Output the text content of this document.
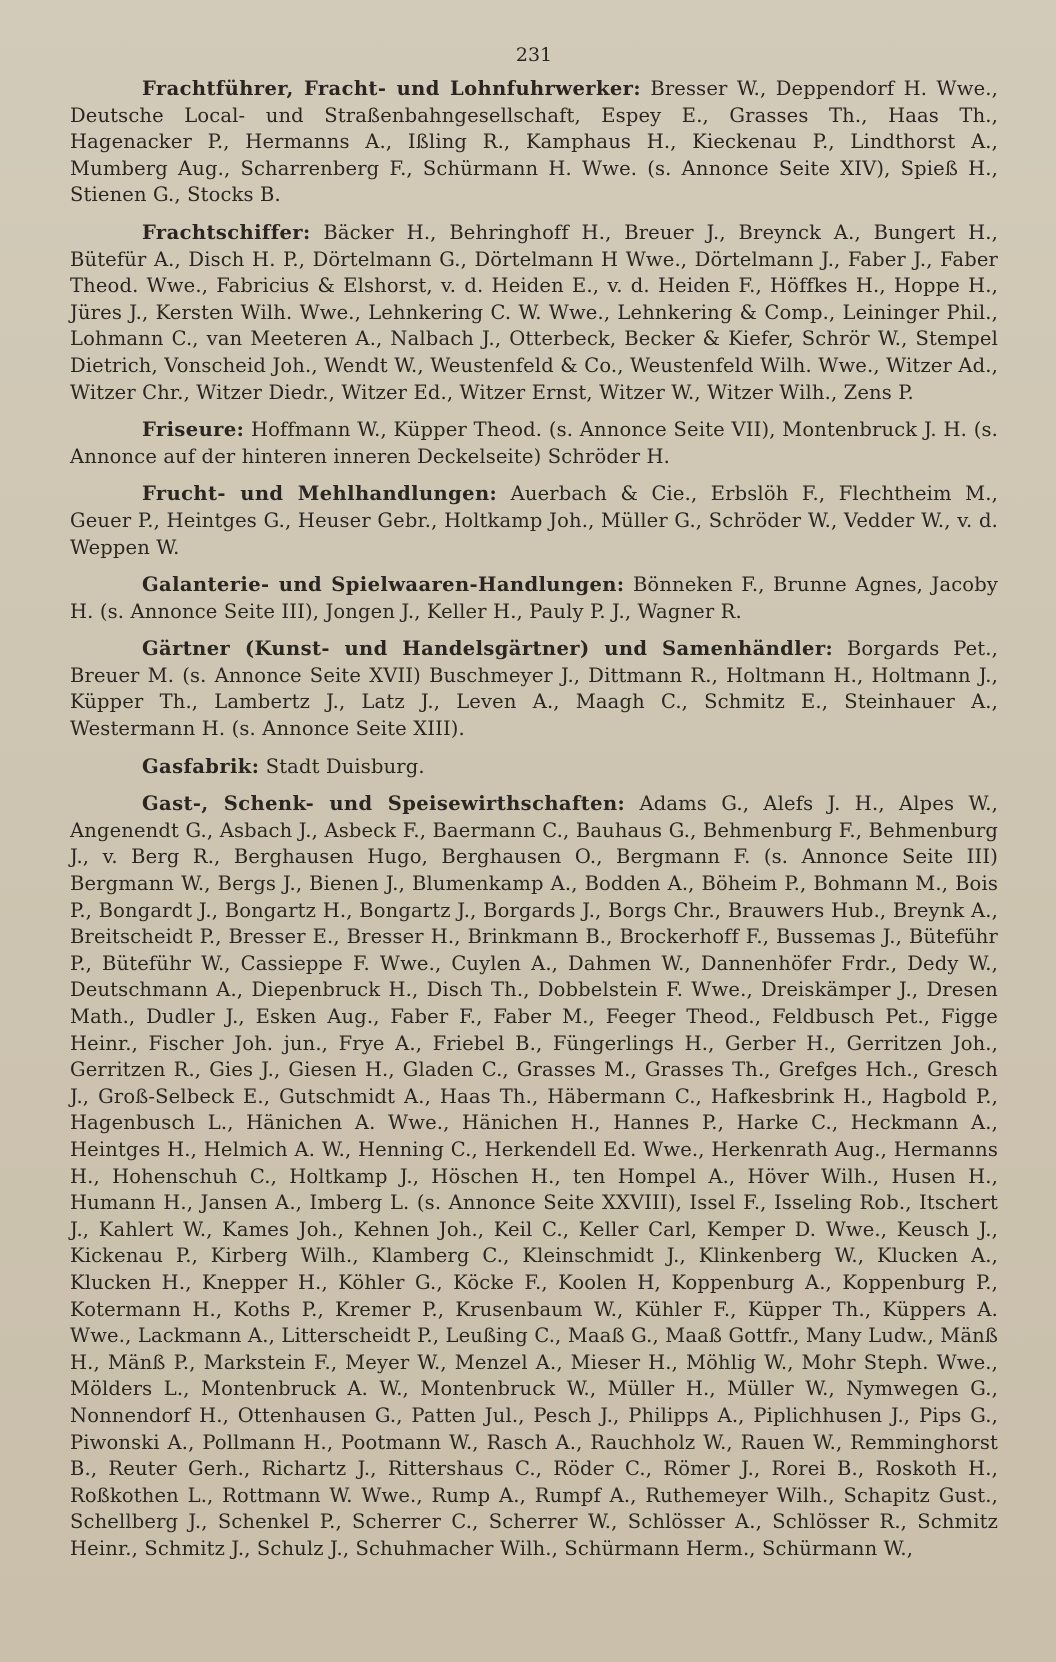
231

Frachtführer, Fracht- und Lohnfuhrwerker: Bresser W., Deppendorf H. Wwe., Deutsche Local- und Straßenbahngesellschaft, Espey E., Grasses Th., Haas Th., Hagenacker P., Hermanns A., Ißling R., Kamphaus H., Kieckenau P., Lindthorst A., Mumberg Aug., Scharrenberg F., Schürmann H. Wwe. (s. Annonce Seite XIV), Spieß H., Stienen G., Stocks B.

Frachtschiffer: Bäcker H., Behringhoff H., Breuer J., Breynck A., Bungert H., Bütefür A., Disch H. P., Dörtelmann G., Dörtelmann H Wwe., Dörtelmann J., Faber J., Faber Theod. Wwe., Fabricius & Elshorst, v. d. Heiden E., v. d. Heiden F., Höffkes H., Hoppe H., Jüres J., Kersten Wilh. Wwe., Lehnkering C. W. Wwe., Lehnkering & Comp., Leininger Phil., Lohmann C., van Meeteren A., Nalbach J., Otterbeck, Becker & Kiefer, Schrör W., Stempel Dietrich, Vonscheid Joh., Wendt W., Weustenfeld & Co., Weustenfeld Wilh. Wwe., Witzer Ad., Witzer Chr., Witzer Diedr., Witzer Ed., Witzer Ernst, Witzer W., Witzer Wilh., Zens P.

Friseure: Hoffmann W., Küpper Theod. (s. Annonce Seite VII), Montenbruck J. H. (s. Annonce auf der hinteren inneren Deckelseite) Schröder H.

Frucht- und Mehlhandlungen: Auerbach & Cie., Erbslöh F., Flechtheim M., Geuer P., Heintges G., Heuser Gebr., Holtkamp Joh., Müller G., Schröder W., Vedder W., v. d. Weppen W.

Galanterie- und Spielwaaren-Handlungen: Bönneken F., Brunne Agnes, Jacoby H. (s. Annonce Seite III), Jongen J., Keller H., Pauly P. J., Wagner R.

Gärtner (Kunst- und Handelsgärtner) und Samenhändler: Borgards Pet., Breuer M. (s. Annonce Seite XVII) Buschmeyer J., Dittmann R., Holtmann H., Holtmann J., Küpper Th., Lambertz J., Latz J., Leven A., Maagh C., Schmitz E., Steinhauer A., Westermann H. (s. Annonce Seite XIII).

Gasfabrik: Stadt Duisburg.

Gast-, Schenk- und Speisewirthschaften: Adams G., Alefs J. H., Alpes W., Angenendt G., Asbach J., Asbeck F., Baermann C., Bauhaus G., Behmenburg F., Behmenburg J., v. Berg R., Berghausen Hugo, Berghausen O., Bergmann F. (s. Annonce Seite III) Bergmann W., Bergs J., Bienen J., Blumenkamp A., Bodden A., Böheim P., Bohmann M., Bois P., Bongardt J., Bongartz H., Bongartz J., Borgards J., Borgs Chr., Brauwers Hub., Breynk A., Breitscheidt P., Bresser E., Bresser H., Brinkmann B., Brockerhoff F., Bussemas J., Büteführ P., Büteführ W., Cassieppe F. Wwe., Cuylen A., Dahmen W., Dannenhöfer Frdr., Dedy W., Deutschmann A., Diepenbruck H., Disch Th., Dobbelstein F. Wwe., Dreiskämper J., Dresen Math., Dudler J., Esken Aug., Faber F., Faber M., Feeger Theod., Feldbusch Pet., Figge Heinr., Fischer Joh. jun., Frye A., Friebel B., Füngerlings H., Gerber H., Gerritzen Joh., Gerritzen R., Gies J., Giesen H., Gladen C., Grasses M., Grasses Th., Grefges Hch., Gresch J., Groß-Selbeck E., Gutschmidt A., Haas Th., Häbermann C., Hafkesbrink H., Hagbold P., Hagenbusch L., Hänichen A. Wwe., Hänichen H., Hannes P., Harke C., Heckmann A., Heintges H., Helmich A. W., Henning C., Herkendell Ed. Wwe., Herkenrath Aug., Hermanns H., Hohenschuh C., Holtkamp J., Höschen H., ten Hompel A., Höver Wilh., Husen H., Humann H., Jansen A., Imberg L. (s. Annonce Seite XXVIII), Issel F., Isseling Rob., Itschert J., Kahlert W., Kames Joh., Kehnen Joh., Keil C., Keller Carl, Kemper D. Wwe., Keusch J., Kickenau P., Kirberg Wilh., Klamberg C., Kleinschmidt J., Klinkenberg W., Klucken A., Klucken H., Knepper H., Köhler G., Köcke F., Koolen H, Koppenburg A., Koppenburg P., Kotermann H., Koths P., Kremer P., Krusenbaum W., Kühler F., Küpper Th., Küppers A. Wwe., Lackmann A., Litterscheidt P., Leußing C., Maaß G., Maaß Gottfr., Many Ludw., Mänß H., Mänß P., Markstein F., Meyer W., Menzel A., Mieser H., Möhlig W., Mohr Steph. Wwe., Mölders L., Montenbruck A. W., Montenbruck W., Müller H., Müller W., Nymwegen G., Nonnendorf H., Ottenhausen G., Patten Jul., Pesch J., Philipps A., Piplichhusen J., Pips G., Piwonski A., Pollmann H., Pootmann W., Rasch A., Rauchholz W., Rauen W., Remminghorst B., Reuter Gerh., Richartz J., Rittershaus C., Röder C., Römer J., Rorei B., Roskoth H., Roßkothen L., Rottmann W. Wwe., Rump A., Rumpf A., Ruthemeyer Wilh., Schapitz Gust., Schellberg J., Schenkel P., Scherrer C., Scherrer W., Schlösser A., Schlösser R., Schmitz Heinr., Schmitz J., Schulz J., Schuhmacher Wilh., Schürmann Herm., Schürmann W.,
